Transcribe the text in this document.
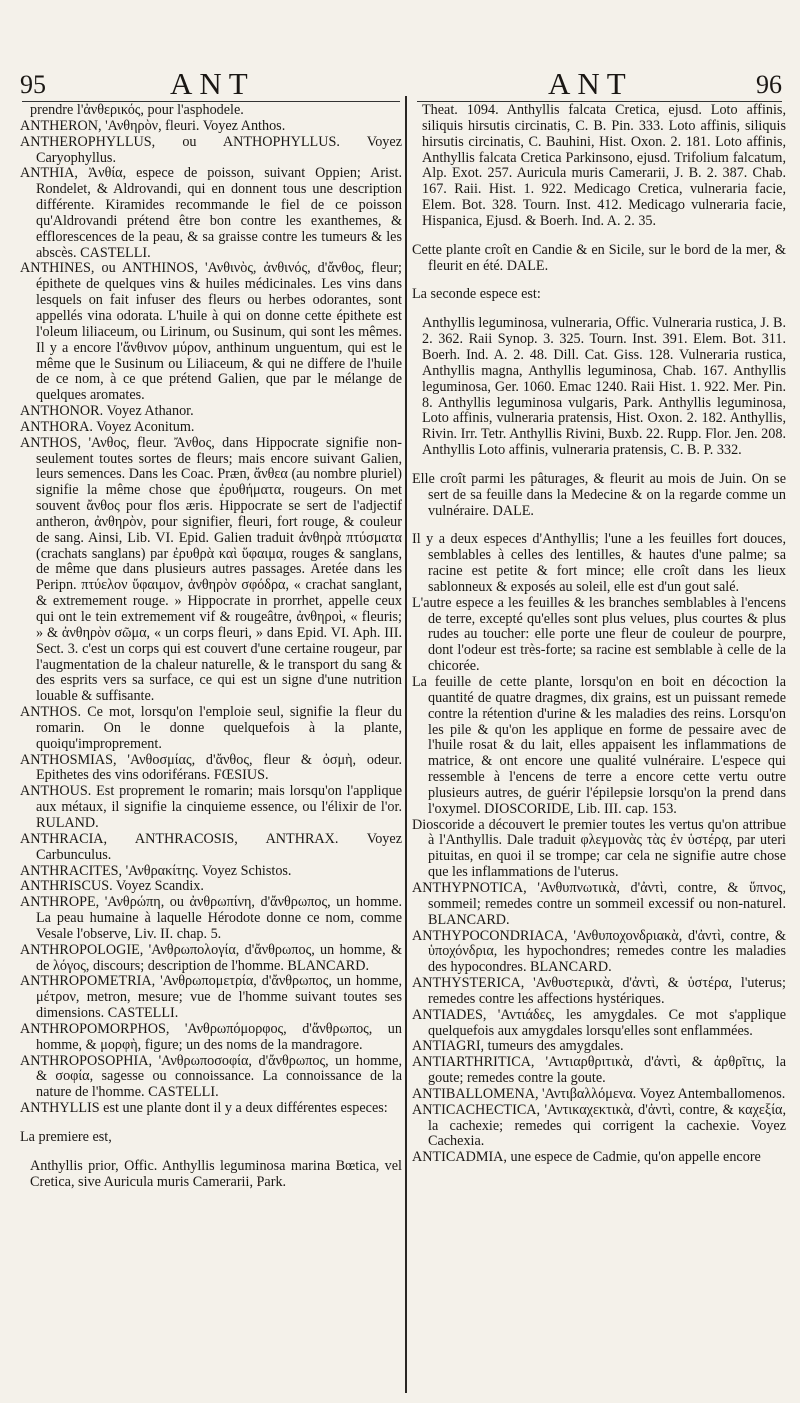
95	ANT	ANT	96

prendre l'ἀνθερικός, pour l'asphodele.

ANTHERON, 'Ανθηρὸν, fleuri. Voyez Anthos.

ANTHEROPHYLLUS, ou ANTHOPHYLLUS. Voyez Caryophyllus.

ANTHIA, Ἀνθία, espece de poisson, suivant Oppien; Arist. Rondelet, & Aldrovandi, qui en donnent tous une description différente. Kiramides recommande le fiel de ce poisson qu'Aldrovandi prétend être bon contre les exanthemes, & efflorescences de la peau, & sa graisse contre les tumeurs & les abscès. CASTELLI.

ANTHINES, ou ANTHINOS, 'Ανθινὸς, ἀνθινός, d'ἄνθος, fleur; épithete de quelques vins & huiles médicinales. Les vins dans lesquels on fait infuser des fleurs ou herbes odorantes, sont appellés vina odorata. L'huile à qui on donne cette épithete est l'oleum liliaceum, ou Lirinum, ou Susinum, qui sont les mêmes. Il y a encore l'ἄνθινον μύρον, anthinum unguentum, qui est le même que le Susinum ou Liliaceum, & qui ne differe de l'huile de ce nom, à ce que prétend Galien, que par le mélange de quelques aromates.

ANTHONOR. Voyez Athanor.

ANTHORA. Voyez Aconitum.

ANTHOS, 'Ανθος, fleur. Ἄνθος, dans Hippocrate signifie non-seulement toutes sortes de fleurs; mais encore suivant Galien, leurs semences. Dans les Coac. Præn, ἄνθεα (au nombre pluriel) signifie la même chose que ἐρυθήματα, rougeurs. On met souvent ἄνθος pour flos æris. Hippocrate se sert de l'adjectif antheron, ἀνθηρὸν, pour signifier, fleuri, fort rouge, & couleur de sang. Ainsi, Lib. VI. Epid. Galien traduit ἀνθηρὰ πτύσματα (crachats sanglans) par ἐρυθρὰ καὶ ὕφαιμα, rouges & sanglans, de même que dans plusieurs autres passages. Aretée dans les Peripn. πτύελον ὕφαιμον, ἀνθηρὸν σφόδρα, « crachat sanglant, & extremement rouge. » Hippocrate in prorrhet, appelle ceux qui ont le tein extremement vif & rougeâtre, ἀνθηροὶ, « fleuris; » & ἀνθηρὸν σῶμα, « un corps fleuri, » dans Epid. VI. Aph. III. Sect. 3. c'est un corps qui est couvert d'une certaine rougeur, par l'augmentation de la chaleur naturelle, & le transport du sang & des esprits vers sa surface, ce qui est un signe d'une nutrition louable & suffisante.

ANTHOS. Ce mot, lorsqu'on l'emploie seul, signifie la fleur du romarin. On le donne quelquefois à la plante, quoiqu'improprement.

ANTHOSMIAS, 'Ανθοσμίας, d'ἄνθος, fleur & ὀσμὴ, odeur. Epithetes des vins odoriférans. FŒSIUS.

ANTHOUS. Est proprement le romarin; mais lorsqu'on l'applique aux métaux, il signifie la cinquieme essence, ou l'élixir de l'or. RULAND.

ANTHRACIA, ANTHRACOSIS, ANTHRAX. Voyez Carbunculus.

ANTHRACITES, 'Ανθρακίτης. Voyez Schistos.

ANTHRISCUS. Voyez Scandix.

ANTHROPE, 'Ανθρώπη, ou ἀνθρωπίνη, d'ἄνθρωπος, un homme. La peau humaine à laquelle Hérodote donne ce nom, comme Vesale l'observe, Liv. II. chap. 5.

ANTHROPOLOGIE, 'Ανθρωπολογία, d'ἄνθρωπος, un homme, & de λόγος, discours; description de l'homme. BLANCARD.

ANTHROPOMETRIA, 'Ανθρωπομετρία, d'ἄνθρωπος, un homme, μέτρον, metron, mesure; vue de l'homme suivant toutes ses dimensions. CASTELLI.

ANTHROPOMORPHOS, 'Ανθρωπόμορφος, d'ἄνθρωπος, un homme, & μορφὴ, figure; un des noms de la mandragore.

ANTHROPOSOPHIA, 'Ανθρωποσοφία, d'ἄνθρωπος, un homme, & σοφία, sagesse ou connoissance. La connoissance de la nature de l'homme. CASTELLI.

ANTHYLLIS est une plante dont il y a deux différentes especes:

La premiere est,

Anthyllis prior, Offic. Anthyllis leguminosa marina Bœtica, vel Cretica, sive Auricula muris Camerarii, Park.

Theat. 1094. Anthyllis falcata Cretica, ejusd. Loto affinis, siliquis hirsutis circinatis, C. B. Pin. 333. Loto affinis, siliquis hirsutis circinatis, C. Bauhini, Hist. Oxon. 2. 181. Loto affinis, Anthyllis falcata Cretica Parkinsono, ejusd. Trifolium falcatum, Alp. Exot. 257. Auricula muris Camerarii, J. B. 2. 387. Chab. 167. Raii. Hist. 1. 922. Medicago Cretica, vulneraria facie, Elem. Bot. 328. Tourn. Inst. 412. Medicago vulneraria facie, Hispanica, Ejusd. & Boerh. Ind. A. 2. 35.

Cette plante croît en Candie & en Sicile, sur le bord de la mer, & fleurit en été. DALE.

La seconde espece est:

Anthyllis leguminosa, vulneraria, Offic. Vulneraria rustica, J. B. 2. 362. Raii Synop. 3. 325. Tourn. Inst. 391. Elem. Bot. 311. Boerh. Ind. A. 2. 48. Dill. Cat. Giss. 128. Vulneraria rustica, Anthyllis magna, Anthyllis leguminosa, Chab. 167. Anthyllis leguminosa, Ger. 1060. Emac 1240. Raii Hist. 1. 922. Mer. Pin. 8. Anthyllis leguminosa vulgaris, Park. Anthyllis leguminosa, Loto affinis, vulneraria pratensis, Hist. Oxon. 2. 182. Anthyllis, Rivin. Irr. Tetr. Anthyllis Rivini, Buxb. 22. Rupp. Flor. Jen. 208. Anthyllis Loto affinis, vulneraria pratensis, C. B. P. 332.

Elle croît parmi les pâturages, & fleurit au mois de Juin. On se sert de sa feuille dans la Medecine & on la regarde comme un vulnéraire. DALE.

Il y a deux especes d'Anthyllis; l'une a les feuilles fort douces, semblables à celles des lentilles, & hautes d'une palme; sa racine est petite & fort mince; elle croît dans les lieux sablonneux & exposés au soleil, elle est d'un gout salé.

L'autre espece a les feuilles & les branches semblables à l'encens de terre, excepté qu'elles sont plus velues, plus courtes & plus rudes au toucher: elle porte une fleur de couleur de pourpre, dont l'odeur est très-forte; sa racine est semblable à celle de la chicorée.

La feuille de cette plante, lorsqu'on en boit en décoction la quantité de quatre dragmes, dix grains, est un puissant remede contre la rétention d'urine & les maladies des reins. Lorsqu'on les pile & qu'on les applique en forme de pessaire avec de l'huile rosat & du lait, elles appaisent les inflammations de matrice, & ont encore une qualité vulnéraire. L'espece qui ressemble à l'encens de terre a encore cette vertu outre plusieurs autres, de guérir l'épilepsie lorsqu'on la prend dans l'oxymel. DIOSCORIDE, Lib. III. cap. 153.

Dioscoride a découvert le premier toutes les vertus qu'on attribue à l'Anthyllis. Dale traduit φλεγμονὰς τὰς ἐν ὑστέρᾳ, par uteri pituitas, en quoi il se trompe; car cela ne signifie autre chose que les inflammations de l'uterus.

ANTHYPNOTICA, 'Ανθυπνωτικὰ, d'ἀντὶ, contre, & ὕπνος, sommeil; remedes contre un sommeil excessif ou non-naturel. BLANCARD.

ANTHYPOCONDRIACA, 'Ανθυποχονδριακὰ, d'ἀντὶ, contre, & ὑποχόνδρια, les hypochondres; remedes contre les maladies des hypocondres. BLANCARD.

ANTHYSTERICA, 'Ανθυστερικὰ, d'ἀντὶ, & ὑστέρα, l'uterus; remedes contre les affections hystériques.

ANTIADES, 'Αντιάδες, les amygdales. Ce mot s'applique quelquefois aux amygdales lorsqu'elles sont enflammées.

ANTIAGRI, tumeurs des amygdales.

ANTIARTHRITICA, 'Αντιαρθριτικὰ, d'ἀντὶ, & ἀρθρῖτις, la goute; remedes contre la goute.

ANTIBALLOMENA, 'Αντιβαλλόμενα. Voyez Antemballomenos.

ANTICACHECTICA, 'Αντικαχεκτικὰ, d'ἀντὶ, contre, & καχεξία, la cachexie; remedes qui corrigent la cachexie. Voyez Cachexia.

ANTICADMIA, une espece de Cadmie, qu'on appelle encore
